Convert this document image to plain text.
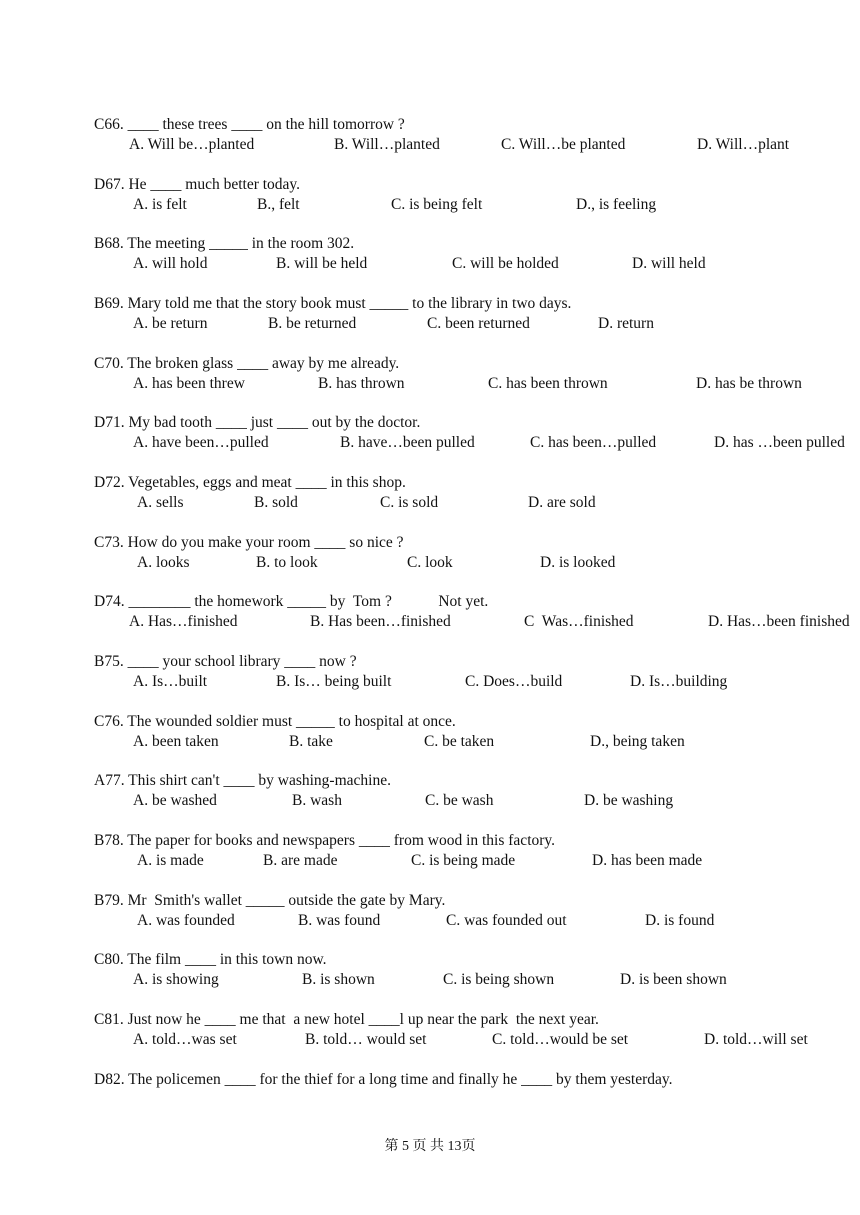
C66. ____ these trees ____ on the hill tomorrow ?
A. Will be…planted	B. Will…planted	C. Will…be planted	D. Will…plant
D67. He ____ much better today.
A. is felt	B., felt	C. is being felt	D., is feeling
B68. The meeting _____ in the room 302.
A. will hold	B. will be held	C. will be holded	D. will held
B69. Mary told me that the story book must _____ to the library in two days.
A. be return	B. be returned	C. been returned	D. return
C70. The broken glass ____ away by me already.
A. has been threw	B. has thrown	C. has been thrown	D. has be thrown
D71. My bad tooth ____ just ____ out by the doctor.
A. have been…pulled	B. have…been pulled	C. has been…pulled	D. has …been pulled
D72. Vegetables, eggs and meat ____ in this shop.
A. sells	B. sold	C. is sold	D. are sold
C73. How do you make your room ____ so nice ?
A. looks	B. to look	C. look	D. is looked
D74. ________ the homework _____ by  Tom ?            Not yet.
A. Has…finished	B. Has been…finished	C  Was…finished	D. Has…been finished
B75. ____ your school library ____ now ?
A. Is…built	B. Is… being built	C. Does…build	D. Is…building
C76. The wounded soldier must _____ to hospital at once.
A. been taken	B. take	C. be taken	D., being taken
A77. This shirt can't ____ by washing-machine.
A. be washed	B. wash	C. be wash	D. be washing
B78. The paper for books and newspapers ____ from wood in this factory.
A. is made	B. are made	C. is being made	D. has been made
B79. Mr  Smith's wallet _____ outside the gate by Mary.
A. was founded	B. was found	C. was founded out	D. is found
C80. The film ____ in this town now.
A. is showing	B. is shown	C. is being shown	D. is been shown
C81. Just now he ____ me that  a new hotel ____l up near the park  the next year.
A. told…was set	B. told… would set	C. told…would be set	D. told…will set
D82. The policemen ____ for the thief for a long time and finally he ____ by them yesterday.
第 5 页 共 13页
